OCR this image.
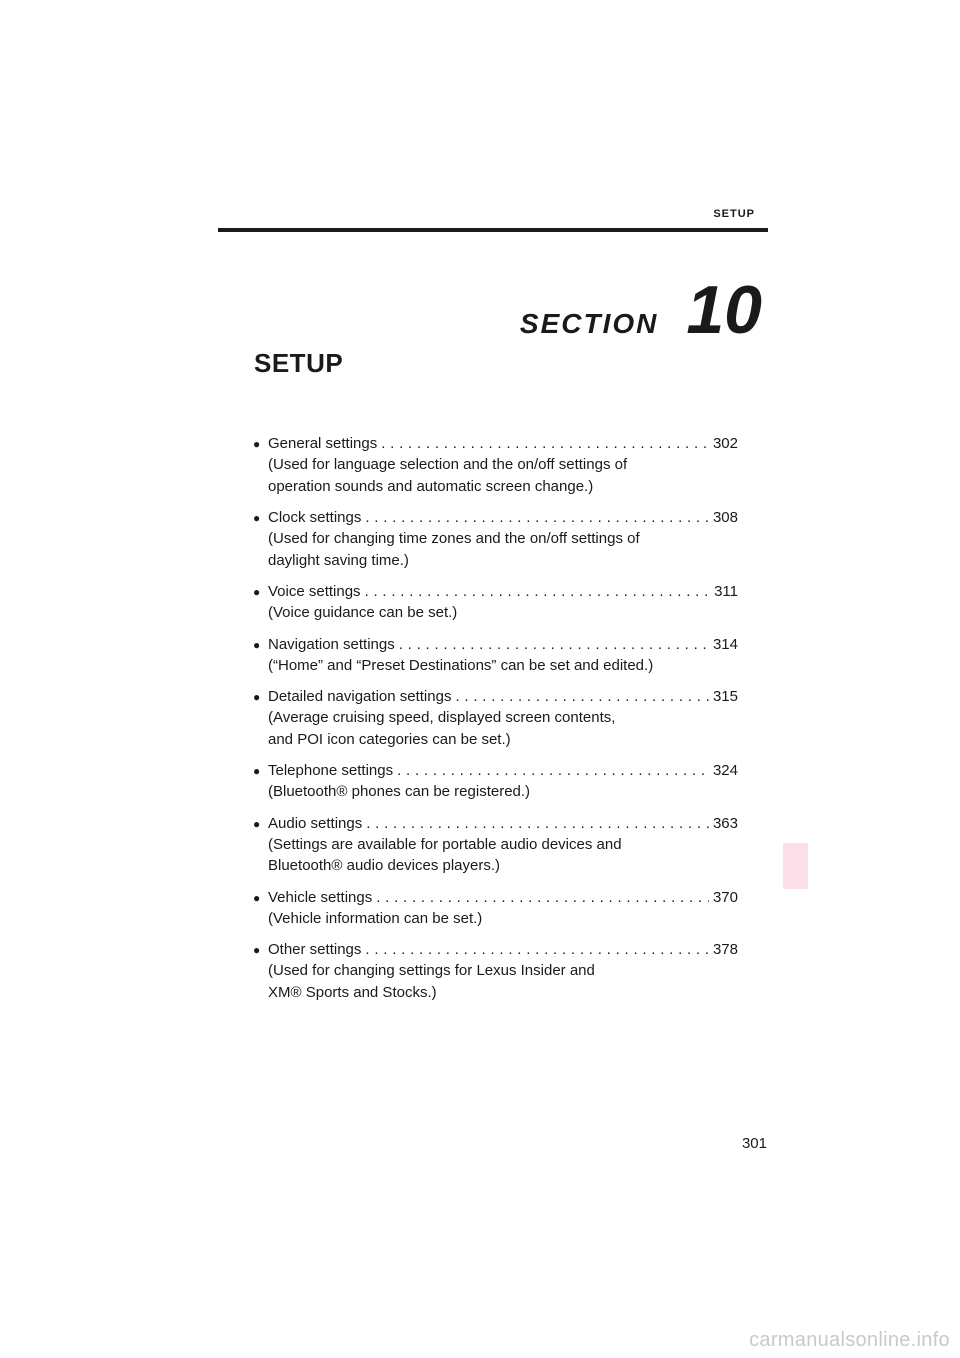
SETUP
SECTION 10
SETUP
● General settings . . .	302
(Used for language selection and the on/off settings of
operation sounds and automatic screen change.)
● Clock settings . . .	308
(Used for changing time zones and the on/off settings of
daylight saving time.)
● Voice settings . . .	311
(Voice guidance can be set.)
● Navigation settings . . .	314
(“Home” and “Preset Destinations” can be set and edited.)
● Detailed navigation settings . . .	315
(Average cruising speed, displayed screen contents,
and POI icon categories can be set.)
● Telephone settings . . .	324
(Bluetooth® phones can be registered.)
● Audio settings . . .	363
(Settings are available for portable audio devices and
Bluetooth® audio devices players.)
● Vehicle settings . . .	370
(Vehicle information can be set.)
● Other settings . . .	378
(Used for changing settings for Lexus Insider and
XM® Sports and Stocks.)
301
carmanualsonline.info
